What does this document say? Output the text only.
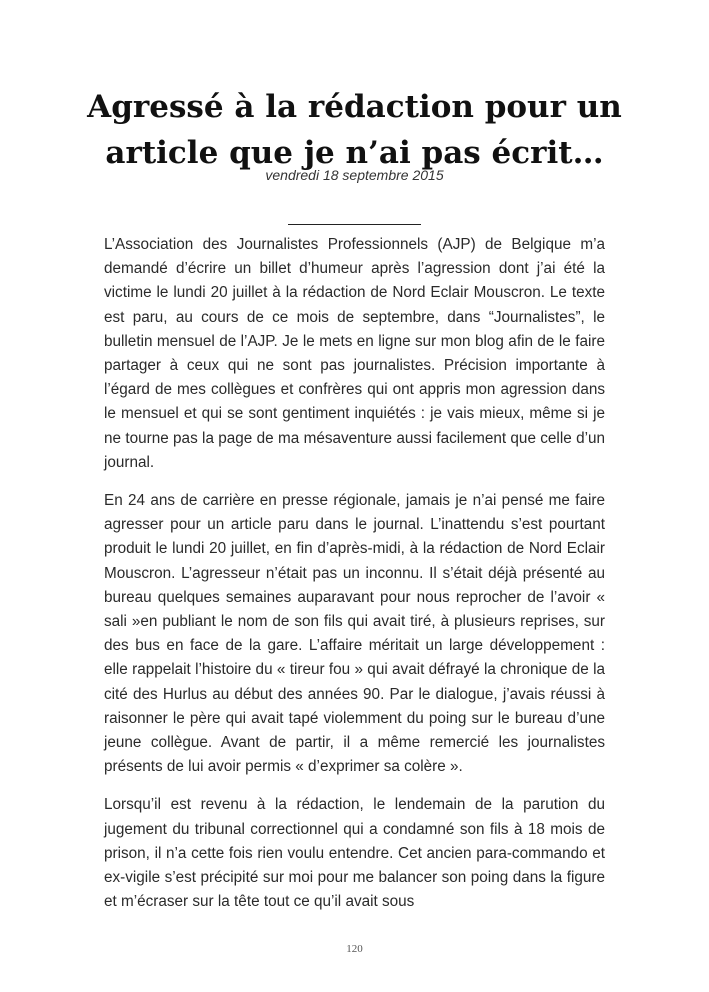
Agressé à la rédaction pour un article que je n’ai pas écrit…
vendredi 18 septembre 2015

L’Association des Journalistes Professionnels (AJP) de Belgique m’a demandé d’écrire un billet d’humeur après l’agression dont j’ai été la victime le lundi 20 juillet à la rédaction de Nord Eclair Mouscron. Le texte est paru, au cours de ce mois de septembre, dans “Journalistes”, le bulletin mensuel de l’AJP. Je le mets en ligne sur mon blog afin de le faire partager à ceux qui ne sont pas journalistes. Précision importante à l’égard de mes collègues et confrères qui ont appris mon agression dans le mensuel et qui se sont gentiment inquiétés : je vais mieux, même si je ne tourne pas la page de ma mésaventure aussi facilement que celle d’un journal.

En 24 ans de carrière en presse régionale, jamais je n’ai pensé me faire agresser pour un article paru dans le journal. L’inattendu s’est pourtant produit le lundi 20 juillet, en fin d’après-midi, à la rédaction de Nord Eclair Mouscron. L’agresseur n’était pas un inconnu. Il s’était déjà présenté au bureau quelques semaines auparavant pour nous reprocher de l’avoir « sali »en publiant le nom de son fils qui avait tiré, à plusieurs reprises, sur des bus en face de la gare. L’affaire méritait un large développement : elle rappelait l’histoire du « tireur fou » qui avait défrayé la chronique de la cité des Hurlus au début des années 90. Par le dialogue, j’avais réussi à raisonner le père qui avait tapé violemment du poing sur le bureau d’une jeune collègue. Avant de partir, il a même remercié les journalistes présents de lui avoir permis « d’exprimer sa colère ».

Lorsqu’il est revenu à la rédaction, le lendemain de la parution du jugement du tribunal correctionnel qui a condamné son fils à 18 mois de prison, il n’a cette fois rien voulu entendre. Cet ancien para-commando et ex-vigile s’est précipité sur moi pour me balancer son poing dans la figure et m’écraser sur la tête tout ce qu’il avait sous

120
